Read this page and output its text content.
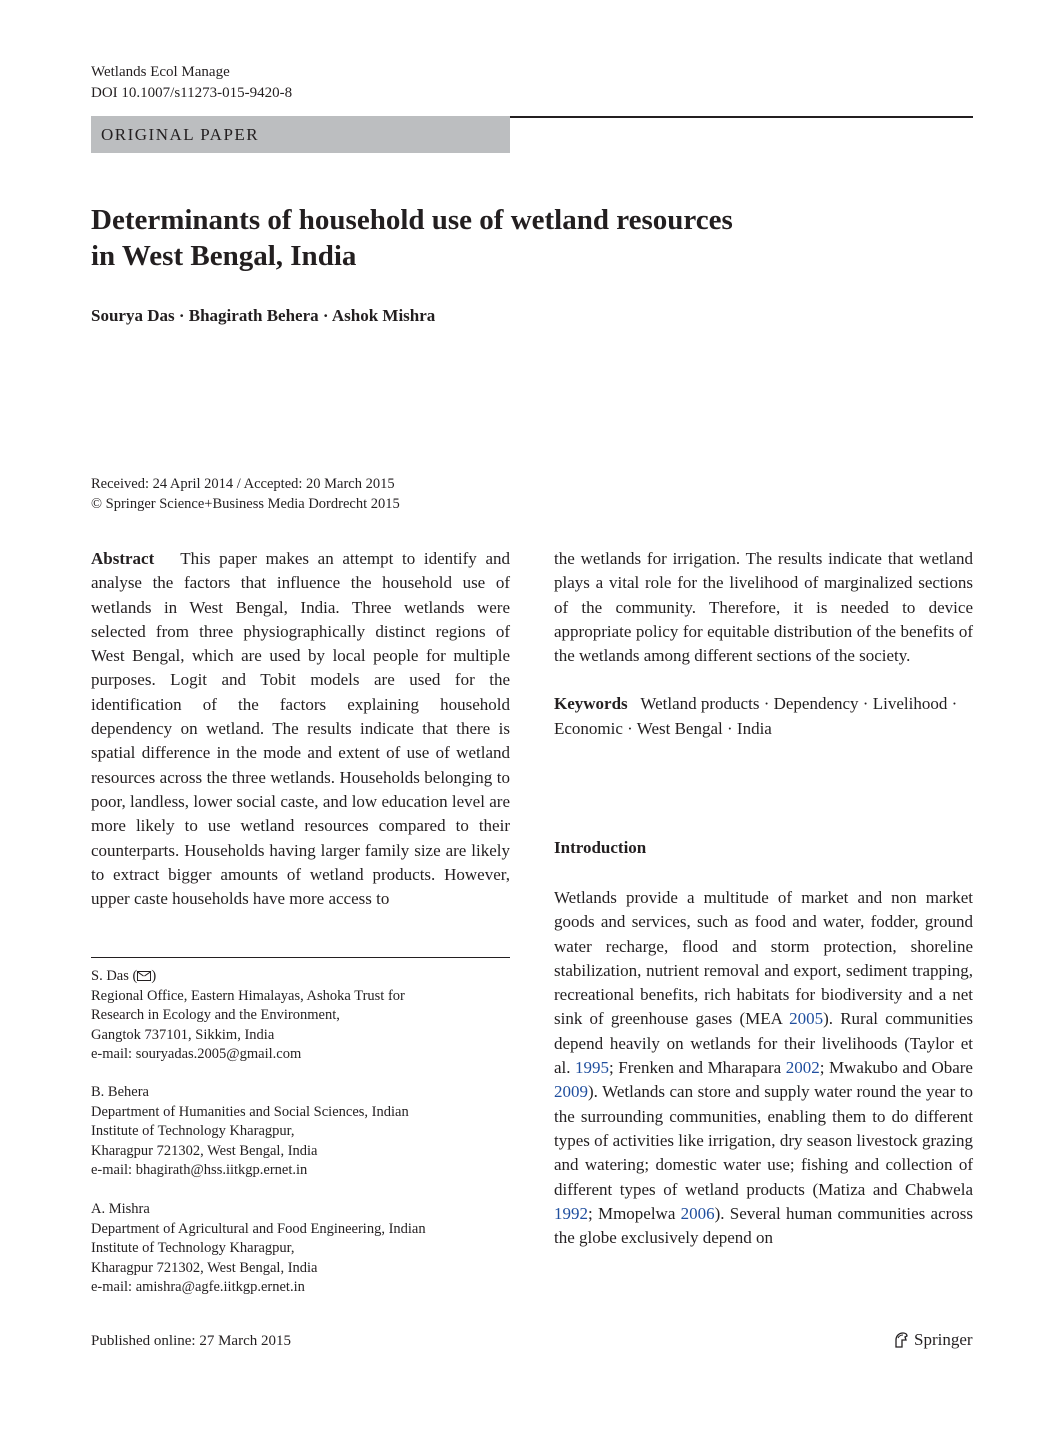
Wetlands Ecol Manage
DOI 10.1007/s11273-015-9420-8
ORIGINAL PAPER
Determinants of household use of wetland resources
in West Bengal, India
Sourya Das · Bhagirath Behera · Ashok Mishra
Received: 24 April 2014 / Accepted: 20 March 2015
© Springer Science+Business Media Dordrecht 2015

Abstract This paper makes an attempt to identify and analyse the factors that influence the household use of wetlands in West Bengal, India. Three wetlands were selected from three physiographically distinct regions of West Bengal, which are used by local people for multiple purposes. Logit and Tobit models are used for the identification of the factors explaining household dependency on wetland. The results indicate that there is spatial difference in the mode and extent of use of wetland resources across the three wetlands. Households belonging to poor, landless, lower social caste, and low education level are more likely to use wetland resources compared to their counterparts. Households having larger family size are likely to extract bigger amounts of wetland products. However, upper caste households have more access to

the wetlands for irrigation. The results indicate that wetland plays a vital role for the livelihood of marginalized sections of the community. Therefore, it is needed to device appropriate policy for equitable distribution of the benefits of the wetlands among different sections of the society.

Keywords Wetland products · Dependency · Livelihood · Economic · West Bengal · India

Introduction
Wetlands provide a multitude of market and non market goods and services, such as food and water, fodder, ground water recharge, flood and storm protection, shoreline stabilization, nutrient removal and export, sediment trapping, recreational benefits, rich habitats for biodiversity and a net sink of greenhouse gases (MEA 2005). Rural communities depend heavily on wetlands for their livelihoods (Taylor et al. 1995; Frenken and Mharapara 2002; Mwakubo and Obare 2009). Wetlands can store and supply water round the year to the surrounding communities, enabling them to do different types of activities like irrigation, dry season livestock grazing and watering; domestic water use; fishing and collection of different types of wetland products (Matiza and Chabwela 1992; Mmopelwa 2006). Several human communities across the globe exclusively depend on
S. Das ( )
Regional Office, Eastern Himalayas, Ashoka Trust for
Research in Ecology and the Environment,
Gangtok 737101, Sikkim, India
e-mail: souryadas.2005@gmail.com
B. Behera
Department of Humanities and Social Sciences, Indian
Institute of Technology Kharagpur,
Kharagpur 721302, West Bengal, India
e-mail: bhagirath@hss.iitkgp.ernet.in
A. Mishra
Department of Agricultural and Food Engineering, Indian
Institute of Technology Kharagpur,
Kharagpur 721302, West Bengal, India
e-mail: amishra@agfe.iitkgp.ernet.in
Published online: 27 March 2015	Springer
